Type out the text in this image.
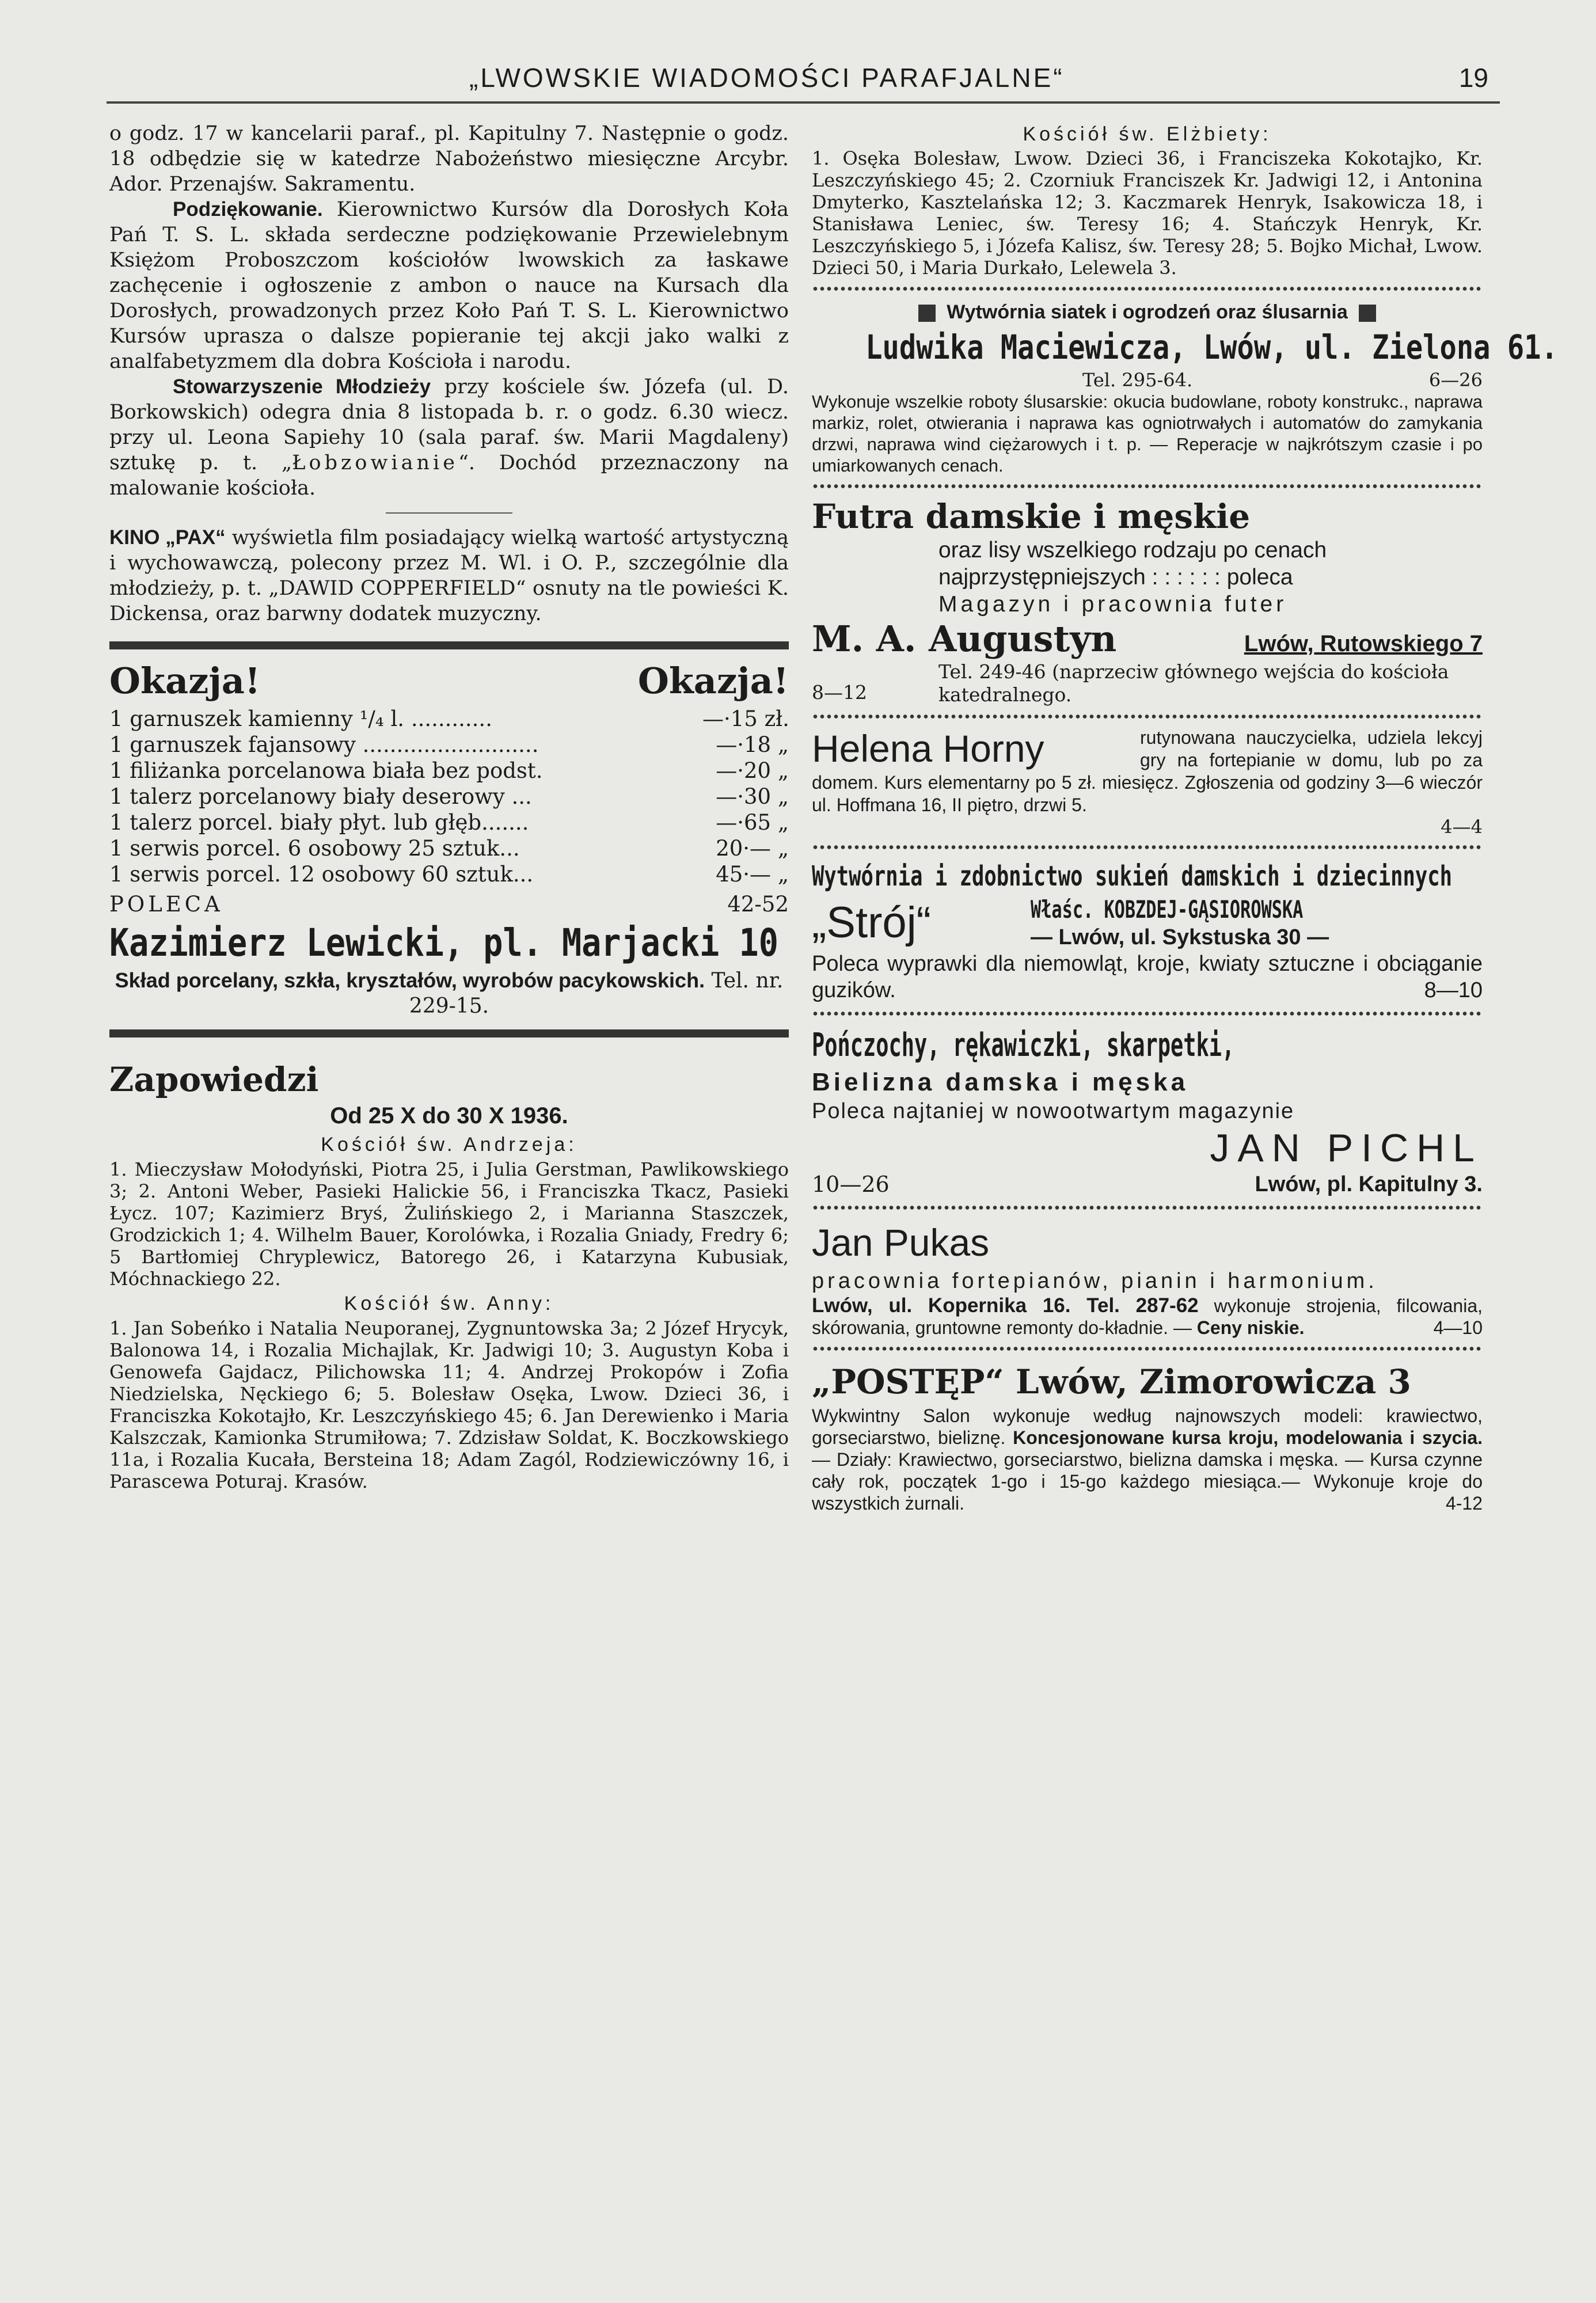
„LWOWSKIE WIADOMOŚCI PARAFJALNE“	19

o godz. 17 w kancelarii paraf., pl. Kapitulny 7. Następnie o godz. 18 odbędzie się w katedrze Nabożeństwo miesięczne Arcybr. Ador. Przenajśw. Sakramentu.

Podziękowanie. Kierownictwo Kursów dla Dorosłych Koła Pań T. S. L. składa serdeczne podziękowanie Przewielebnym Księżom Proboszczom kościołów lwowskich za łaskawe zachęcenie i ogłoszenie z ambon o nauce na Kursach dla Dorosłych, prowadzonych przez Koło Pań T. S. L. Kierownictwo Kursów uprasza o dalsze popieranie tej akcji jako walki z analfabetyzmem dla dobra Kościoła i narodu.

Stowarzyszenie Młodzieży przy kościele św. Józefa (ul. D. Borkowskich) odegra dnia 8 listopada b. r. o godz. 6.30 wiecz. przy ul. Leona Sapiehy 10 (sala paraf. św. Marii Magdaleny) sztukę p. t. „Łobzowianie“. Dochód przeznaczony na malowanie kościoła.

KINO „PAX“ wyświetla film posiadający wielką wartość artystyczną i wychowawczą, polecony przez M. Wl. i O. P., szczególnie dla młodzieży, p. t. „DAWID COPPERFIELD“ osnuty na tle powieści K. Dickensa, oraz barwny dodatek muzyczny.

Okazja!	Okazja!
1 garnuszek kamienny ¹/₄ l. ............	—·15 zł.
1 garnuszek fajansowy ..........................	—·18 „
1 filiżanka porcelanowa biała bez podst.	—·20 „
1 talerz porcelanowy biały deserowy ...	—·30 „
1 talerz porcel. biały płyt. lub głęb.......	—·65 „
1 serwis porcel. 6 osobowy 25 sztuk...	20·— „
1 serwis porcel. 12 osobowy 60 sztuk...	45·— „
POLECA	42-52
Kazimierz Lewicki, pl. Marjacki 10

Skład porcelany, szkła, kryształów, wyrobów pacykowskich. Tel. nr. 229-15.

Zapowiedzi
Od 25 X do 30 X 1936.
Kościół św. Andrzeja:

1. Mieczysław Mołodyński, Piotra 25, i Julia Gerstman, Pawlikowskiego 3; 2. Antoni Weber, Pasieki Halickie 56, i Franciszka Tkacz, Pasieki Łycz. 107; Kazimierz Bryś, Żulińskiego 2, i Marianna Staszczek, Grodzickich 1; 4. Wilhelm Bauer, Korolówka, i Rozalia Gniady, Fredry 6; 5 Bartłomiej Chryplewicz, Batorego 26, i Katarzyna Kubusiak, Móchnackiego 22.

Kościół św. Anny:

1. Jan Sobeńko i Natalia Neuporanej, Zygnuntowska 3a; 2 Józef Hrycyk, Balonowa 14, i Rozalia Michajlak, Kr. Jadwigi 10; 3. Augustyn Koba i Genowefa Gajdacz, Pilichowska 11; 4. Andrzej Prokopów i Zofia Niedzielska, Nęckiego 6; 5. Bolesław Osęka, Lwow. Dzieci 36, i Franciszka Kokotajło, Kr. Leszczyńskiego 45; 6. Jan Derewienko i Maria Kalszczak, Kamionka Strumiłowa; 7. Zdzisław Soldat, K. Boczkowskiego 11a, i Rozalia Kucała, Bersteina 18; Adam Zagól, Rodziewiczówny 16, i Parascewa Poturaj. Krasów.

Kościół św. Elżbiety:

1. Osęka Bolesław, Lwow. Dzieci 36, i Franciszeka Kokotajko, Kr. Leszczyńskiego 45; 2. Czorniuk Franciszek Kr. Jadwigi 12, i Antonina Dmyterko, Kasztelańska 12; 3. Kaczmarek Henryk, Isakowicza 18, i Stanisława Leniec, św. Teresy 16; 4. Stańczyk Henryk, Kr. Leszczyńskiego 5, i Józefa Kalisz, św. Teresy 28; 5. Bojko Michał, Lwow. Dzieci 50, i Maria Durkało, Lelewela 3.

Wytwórnia siatek i ogrodzeń oraz ślusarnia
Ludwika Maciewicza, Lwów, ul. Zielona 61.
Tel. 295-64.	6—26

Wykonuje wszelkie roboty ślusarskie: okucia budowlane, roboty konstrukc., naprawa markiz, rolet, otwierania i naprawa kas ogniotrwałych i automatów do zamykania drzwi, naprawa wind ciężarowych i t. p. — Reperacje w najkrótszym czasie i po umiarkowanych cenach.

Futra damskie i męskie
oraz lisy wszelkiego rodzaju po cenach
najprzystępniejszych : : : : : : poleca
Magazyn i pracownia futer
M. A. Augustyn	Lwów, Rutowskiego 7
8—12
Tel. 249-46 (naprzeciw głównego wejścia do kościoła katedralnego.
Helena Horny	rutynowana nauczycielka, udziela lekcyj gry na fortepianie w domu, lub po za domem. Kurs elementarny po 5 zł. miesięcz. Zgłoszenia od godziny 3—6 wieczór ul. Hoffmana 16, II piętro, drzwi 5.

4—4
Wytwórnia i zdobnictwo sukień damskich i dziecinnych
„Strój“	Właśc. KOBZDEJ-GĄSIOROWSKA
— Lwów, ul. Sykstuska 30 —

Poleca wyprawki dla niemowląt, kroje, kwiaty sztuczne i obciąganie guzików.	8—10

Pończochy, rękawiczki, skarpetki,
Bielizna damska i męska
Poleca najtaniej w nowootwartym magazynie
JAN PICHL
10—26	Lwów, pl. Kapitulny 3.
Jan Pukas
pracownia fortepianów, pianin i harmonium.

Lwów, ul. Kopernika 16. Tel. 287-62 wykonuje strojenia, filcowania, skórowania, gruntowne remonty do-kładnie. — Ceny niskie.	4—10

„POSTĘP“ Lwów, Zimorowicza 3

Wykwintny Salon wykonuje według najnowszych modeli: krawiectwo, gorseciarstwo, bieliznę. Koncesjonowane kursa kroju, modelowania i szycia. — Działy: Krawiectwo, gorseciarstwo, bielizna damska i męska. — Kursa czynne cały rok, początek 1-go i 15-go każdego miesiąca.— Wykonuje kroje do wszystkich żurnali.	4-12
